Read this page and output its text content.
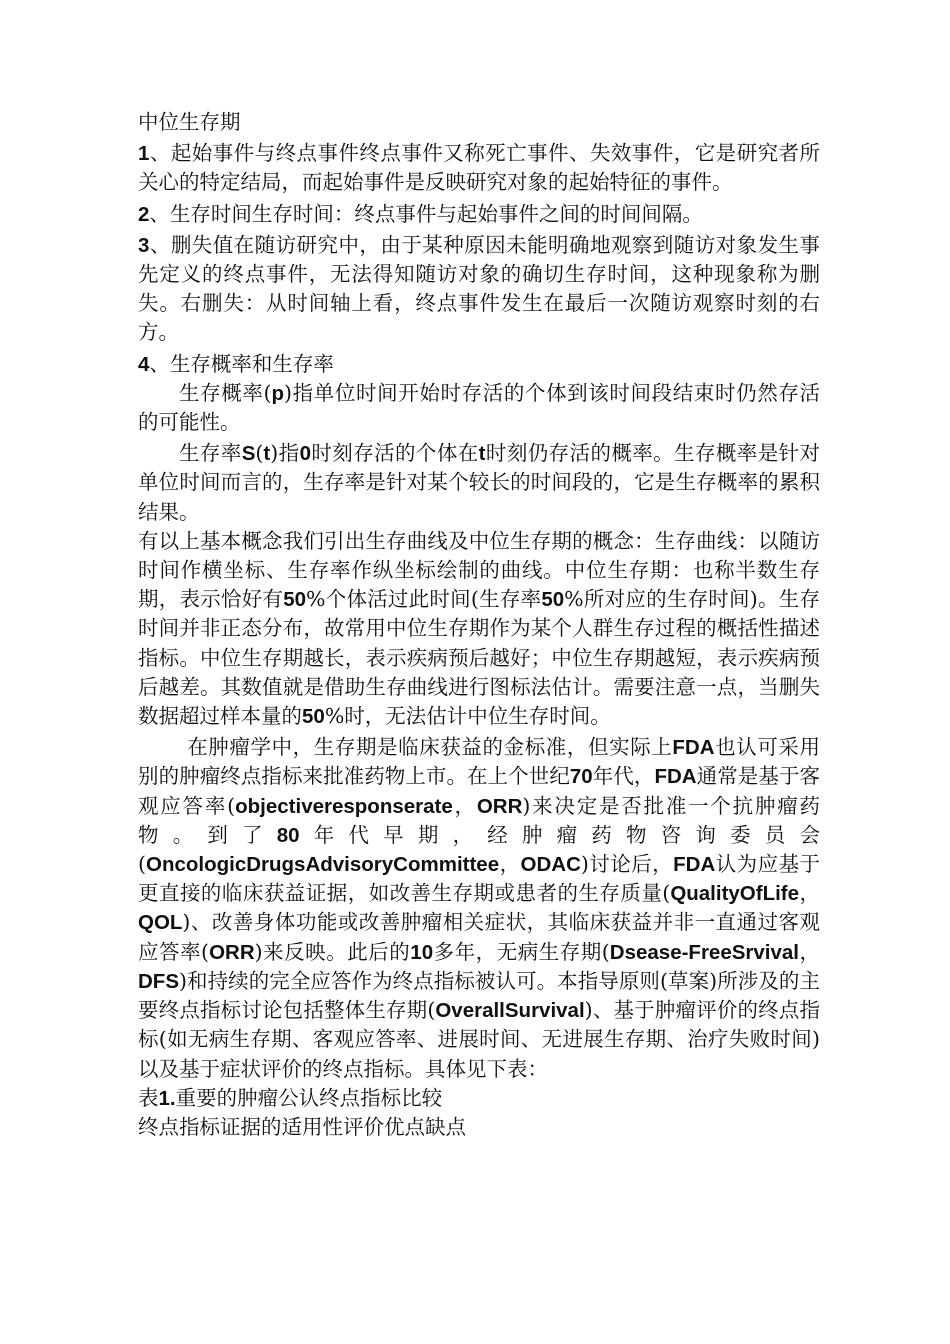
中位生存期

1、起始事件与终点事件终点事件又称死亡事件、失效事件，它是研究者所关心的特定结局，而起始事件是反映研究对象的起始特征的事件。

2、生存时间生存时间：终点事件与起始事件之间的时间间隔。

3、删失值在随访研究中，由于某种原因未能明确地观察到随访对象发生事先定义的终点事件，无法得知随访对象的确切生存时间，这种现象称为删失。右删失：从时间轴上看，终点事件发生在最后一次随访观察时刻的右方。

4、生存概率和生存率

生存概率(p)指单位时间开始时存活的个体到该时间段结束时仍然存活的可能性。

生存率S(t)指0时刻存活的个体在t时刻仍存活的概率。生存概率是针对单位时间而言的，生存率是针对某个较长的时间段的，它是生存概率的累积结果。

有以上基本概念我们引出生存曲线及中位生存期的概念：生存曲线：以随访时间作横坐标、生存率作纵坐标绘制的曲线。中位生存期：也称半数生存期，表示恰好有50%个体活过此时间(生存率50%所对应的生存时间)。生存时间并非正态分布，故常用中位生存期作为某个人群生存过程的概括性描述指标。中位生存期越长，表示疾病预后越好；中位生存期越短，表示疾病预后越差。其数值就是借助生存曲线进行图标法估计。需要注意一点，当删失数据超过样本量的50%时，无法估计中位生存时间。

在肿瘤学中，生存期是临床获益的金标准，但实际上FDA也认可采用别的肿瘤终点指标来批准药物上市。在上个世纪70年代，FDA通常是基于客观应答率(objectiveresponserate，ORR)来决定是否批准一个抗肿瘤药物。到了80年代早期，经肿瘤药物咨询委员会(OncologicDrugsAdvisoryCommittee，ODAC)讨论后，FDA认为应基于更直接的临床获益证据，如改善生存期或患者的生存质量(QualityOfLife，QOL)、改善身体功能或改善肿瘤相关症状，其临床获益并非一直通过客观应答率(ORR)来反映。此后的10多年，无病生存期(Dsease-FreeSrvival，DFS)和持续的完全应答作为终点指标被认可。本指导原则(草案)所涉及的主要终点指标讨论包括整体生存期(OverallSurvival)、基于肿瘤评价的终点指标(如无病生存期、客观应答率、进展时间、无进展生存期、治疗失败时间)以及基于症状评价的终点指标。具体见下表：

表1.重要的肿瘤公认终点指标比较

终点指标证据的适用性评价优点缺点
